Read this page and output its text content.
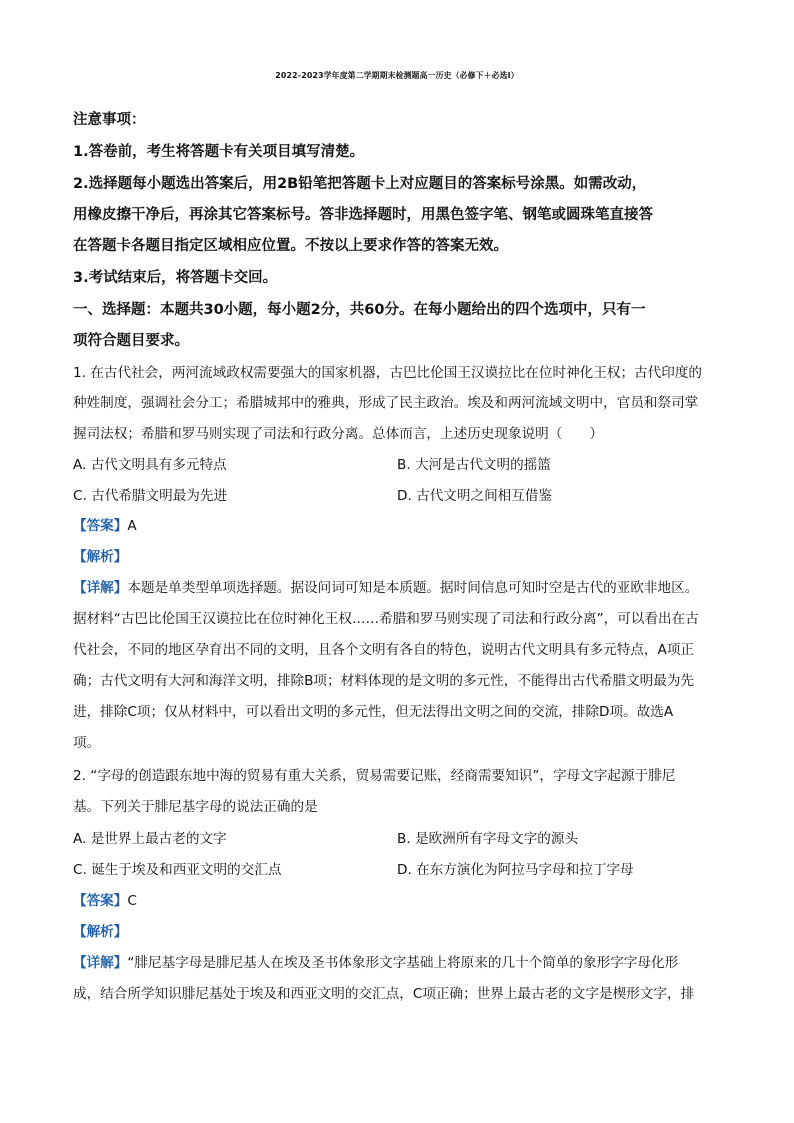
2022-2023学年度第二学期期末检测题高一历史（必修下＋必选Ⅰ）
注意事项：
1.答卷前，考生将答题卡有关项目填写清楚。
2.选择题每小题选出答案后，用2B铅笔把答题卡上对应题目的答案标号涂黑。如需改动，
用橡皮擦干净后，再涂其它答案标号。答非选择题时，用黑色签字笔、钢笔或圆珠笔直接答
在答题卡各题目指定区域相应位置。不按以上要求作答的答案无效。
3.考试结束后，将答题卡交回。
一、选择题：本题共30小题，每小题2分，共60分。在每小题给出的四个选项中，只有一
项符合题目要求。
1. 在古代社会，两河流域政权需要强大的国家机器，古巴比伦国王汉谟拉比在位时神化王权；古代印度的
种姓制度，强调社会分工；希腊城邦中的雅典，形成了民主政治。埃及和两河流域文明中，官员和祭司掌
握司法权；希腊和罗马则实现了司法和行政分离。总体而言，上述历史现象说明（　　）
A. 古代文明具有多元特点	B. 大河是古代文明的摇篮
C. 古代希腊文明最为先进	D. 古代文明之间相互借鉴
【答案】A
【解析】
【详解】本题是单类型单项选择题。据设问词可知是本质题。据时间信息可知时空是古代的亚欧非地区。
据材料“古巴比伦国王汉谟拉比在位时神化王权……希腊和罗马则实现了司法和行政分离”，可以看出在古
代社会，不同的地区孕育出不同的文明，且各个文明有各自的特色，说明古代文明具有多元特点，A项正
确；古代文明有大河和海洋文明，排除B项；材料体现的是文明的多元性，不能得出古代希腊文明最为先
进，排除C项；仅从材料中，可以看出文明的多元性，但无法得出文明之间的交流，排除D项。故选A
项。
2. “字母的创造跟东地中海的贸易有重大关系，贸易需要记账，经商需要知识”，字母文字起源于腓尼
基。下列关于腓尼基字母的说法正确的是
A. 是世界上最古老的文字	B. 是欧洲所有字母文字的源头
C. 诞生于埃及和西亚文明的交汇点	D. 在东方演化为阿拉马字母和拉丁字母
【答案】C
【解析】
【详解】“腓尼基字母是腓尼基人在埃及圣书体象形文字基础上将原来的几十个简单的象形字字母化形
成，结合所学知识腓尼基处于埃及和西亚文明的交汇点，C项正确；世界上最古老的文字是楔形文字，排
